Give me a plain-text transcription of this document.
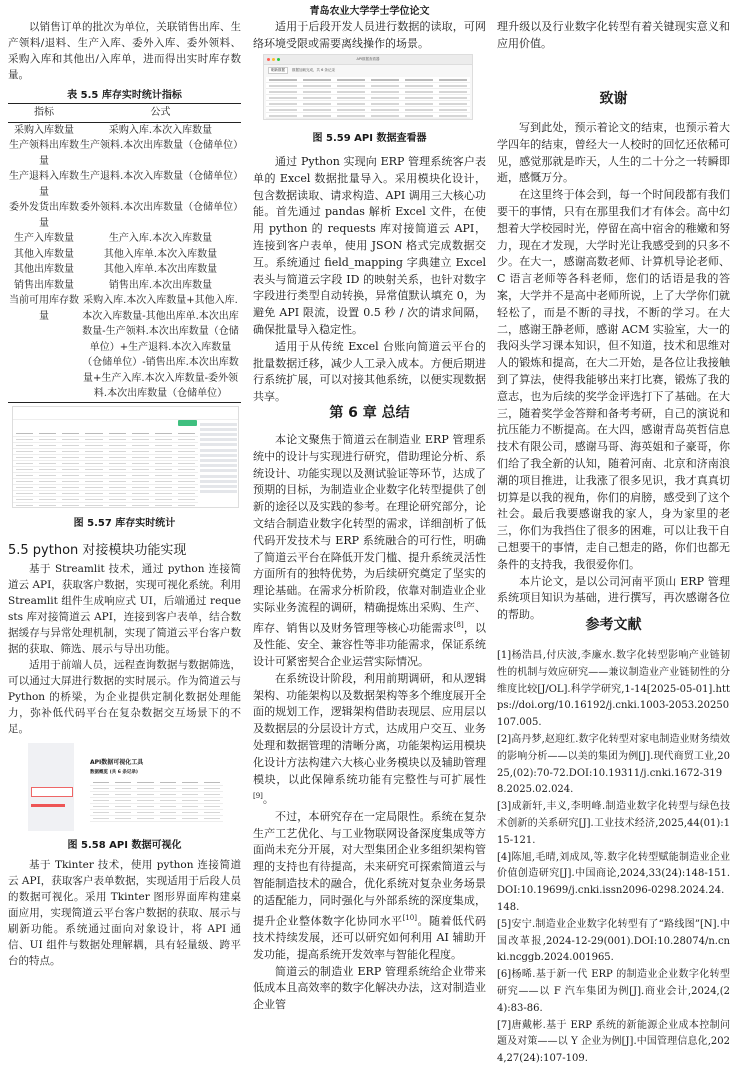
以销售订单的批次为单位，关联销售出库、生产领料/退料、生产入库、委外入库、委外领料、采购入库和其他出/入库单，进而得出实时库存数量。

表 5.5 库存实时统计指标
指标	公式
采购入库数量	采购入库.本次入库数量
生产领料出库数量	生产领料.本次出库数量（仓储单位）
生产退料入库数量	生产退料.本次入库数量（仓储单位）
委外发货出库数量	委外领料.本次出库数量（仓储单位）
生产入库数量	生产入库.本次入库数量
其他入库数量	其他入库单.本次入库数量
其他出库数量	其他入库单.本次出库数量
销售出库数量	销售出库.本次出库数量
当前可用库存数量	采购入库.本次入库数量+其他入库.本次入库数量-其他出库单.本次出库数量-生产领料.本次出库数量（仓储单位）+生产退料.本次入库数量（仓储单位）-销售出库.本次出库数量+生产入库.本次入库数量-委外领料.本次出库数量（仓储单位）
图 5.57 库存实时统计
5.5 python 对接模块功能实现

基于 Streamlit 技术，通过 python 连接简道云 API，获取客户数据，实现可视化系统。利用 Streamlit 组件生成响应式 UI，后端通过 requests 库对接简道云 API，连接到客户表单，结合数据缓存与异常处理机制，实现了简道云平台客户数据的获取、筛选、展示与导出功能。

适用于前端人员，远程查询数据与数据筛选，可以通过大屏进行数据的实时展示。作为简道云与 Python 的桥梁，为企业提供定制化数据处理能力，弥补低代码平台在复杂数据交互场景下的不足。

API数据可视化工具
数据概览 (共 6 条记录)
图 5.58 API 数据可视化

基于 Tkinter 技术，使用 python 连接简道云 API，获取客户表单数据，实现适用于后段人员的数据可视化。采用 Tkinter 图形界面库构建桌面应用，实现简道云平台客户数据的获取、展示与刷新功能。系统通过面向对象设计，将 API 通信、UI 组件与数据处理解耦，具有轻量级、跨平台的特点。

青岛农业大学学士学位论文

适用于后段开发人员进行数据的读取，可网络环境受限或需要离线操作的场景。

API数据查看器
刷新数据	数据加载完成，共 6 条记录
图 5.59 API 数据查看器

通过 Python 实现向 ERP 管理系统客户表单的 Excel 数据批量导入。采用模块化设计，包含数据读取、请求构造、API 调用三大核心功能。首先通过 pandas 解析 Excel 文件，在使用 python 的 requests 库对接简道云 API，连接到客户表单，使用 JSON 格式完成数据交互。系统通过 field_mapping 字典建立 Excel 表头与简道云字段 ID 的映射关系，也针对数字字段进行类型自动转换，异常值默认填充 0，为避免 API 限流，设置 0.5 秒 / 次的请求间隔，确保批量导入稳定性。

适用于从传统 Excel 台账向简道云平台的批量数据迁移，减少人工录入成本。方便后期进行系统扩展，可以对接其他系统，以便实现数据共享。

第 6 章 总结

本论文聚焦于简道云在制造业 ERP 管理系统中的设计与实现进行研究，借助理论分析、系统设计、功能实现以及测试验证等环节，达成了预期的目标，为制造业企业数字化转型提供了创新的途径以及实践的参考。在理论研究部分，论文结合制造业数字化转型的需求，详细剖析了低代码开发技术与 ERP 系统融合的可行性，明确了简道云平台在降低开发门槛、提升系统灵活性方面所有的独特优势，为后续研究奠定了坚实的理论基础。在需求分析阶段，依靠对制造业企业实际业务流程的调研，精确提炼出采购、生产、库存、销售以及财务管理等核心功能需求[8]，以及性能、安全、兼容性等非功能需求，保证系统设计可紧密契合企业运营实际情况。

在系统设计阶段，利用前期调研，和从逻辑架构、功能架构以及数据架构等多个维度展开全面的规划工作，逻辑架构借助表现层、应用层以及数据层的分层设计方式，达成用户交互、业务处理和数据管理的清晰分离，功能架构运用模块化设计方法构建六大核心业务模块以及辅助管理模块，以此保障系统功能有完整性与可扩展性[9]。

不过，本研究存在一定局限性。系统在复杂生产工艺优化、与工业物联网设备深度集成等方面尚未充分开展，对大型集团企业多组织架构管理的支持也有待提高，未来研究可探索简道云与智能制造技术的融合，优化系统对复杂业务场景的适配能力，同时强化与外部系统的深度集成，提升企业整体数字化协同水平[10]。随着低代码技术持续发展，还可以研究如何利用 AI 辅助开发功能，提高系统开发效率与智能化程度。

简道云的制造业 ERP 管理系统给企业带来低成本且高效率的数字化解决办法，这对制造业企业管

理升级以及行业数字化转型有着关键现实意义和应用价值。

致谢

写到此处，预示着论文的结束，也预示着大学四年的结束，曾经大一人校时的回忆还依稀可见，感觉那就是昨天，人生的二十分之一转瞬即逝，感慨万分。

在这里终于体会到，每一个时间段都有我们要干的事情，只有在那里我们才有体会。高中幻想着大学校园时光，停留在高中宿舍的稚嫩和努力，现在才发现，大学时光让我感受到的只多不少。在大一，感谢高数老师、计算机导论老师、C 语言老师等各科老师，您们的话语是我的答案，大学并不是高中老师所说，上了大学你们就轻松了，而是不断的寻找，不断的学习。在大二，感谢王静老师，感谢 ACM 实验室，大一的我闷头学习课本知识，但不知道，技术和思维对人的锻炼和提高，在大二开始，是各位让我接触到了算法，使得我能够出来打比赛，锻炼了我的意志，也为后续的奖学金评选打下了基础。在大三，随着奖学金答辩和备考考研，自己的演说和抗压能力不断提高。在大四，感谢青岛英哲信息技术有限公司，感谢马哥、海英姐和子豪哥，你们给了我全新的认知，随着河南、北京和济南浪潮的项目推进，让我涨了很多见识，我才真真切切算是以我的视角，你们的肩膀，感受到了这个社会。最后我要感谢我的家人，身为家里的老三，你们为我挡住了很多的困难，可以让我干自己想要干的事情，走自己想走的路，你们也都无条件的支持我，我很爱你们。

本片论文，是以公司河南平顶山 ERP 管理系统项目知识为基础，进行撰写，再次感谢各位的帮助。

参考文献

[1]杨浩昌,付庆波,李廉水.数字化转型影响产业链韧性的机制与效应研究——兼议制造业产业链韧性的分维度比较[J/OL].科学学研究,1-14[2025-05-01].https://doi.org/10.16192/j.cnki.1003-2053.20250107.005.

[2]高丹梦,赵迎红.数字化转型对家电制造业财务绩效的影响分析——以美的集团为例[J].现代商贸工业,2025,(02):70-72.DOI:10.19311/j.cnki.1672-3198.2025.02.024.

[3]成新轩,丰义,李明峰.制造业数字化转型与绿色技术创新的关系研究[J].工业技术经济,2025,44(01):115-121.

[4]陈旭,毛晴,刘成凤,等.数字化转型赋能制造业企业价值创造研究[J].中国商论,2024,33(24):148-151.DOI:10.19699/j.cnki.issn2096-0298.2024.24.148.

[5]安宁.制造业企业数字化转型有了“路线图”[N].中国改革报,2024-12-29(001).DOI:10.28074/n.cnki.ncggb.2024.001965.

[6]杨晞.基于新一代 ERP 的制造业企业数字化转型研究——以 F 汽车集团为例[J].商业会计,2024,(24):83-86.

[7]唐戴彬.基于 ERP 系统的新能源企业成本控制问题及对策——以 Y 企业为例[J].中国管理信息化,2024,27(24):107-109.
